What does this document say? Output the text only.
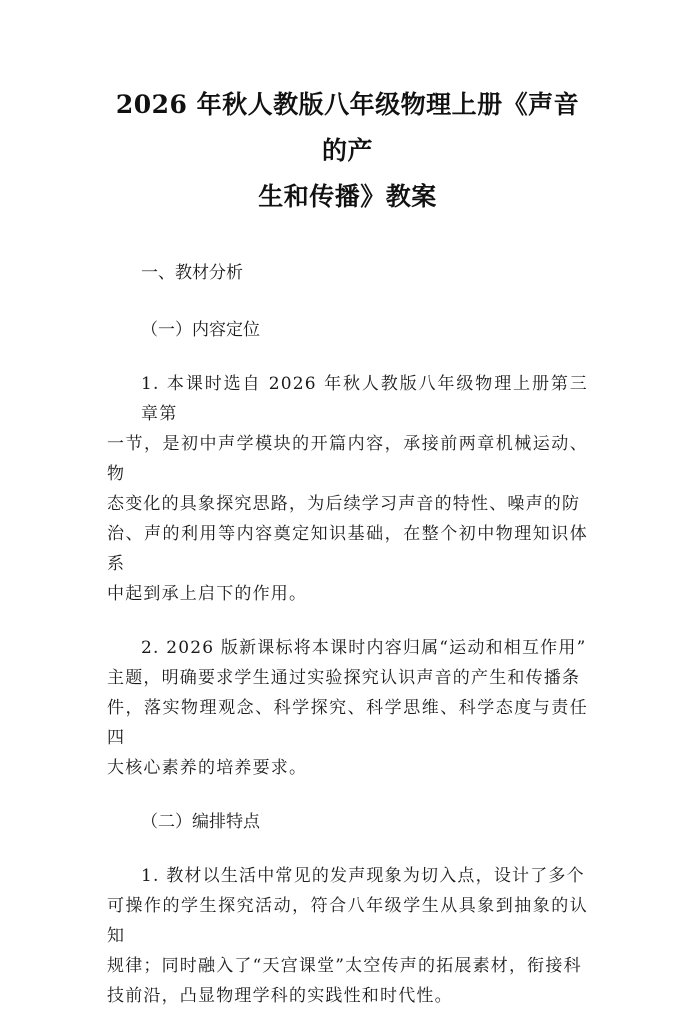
2026 年秋人教版八年级物理上册《声音的产
生和传播》教案

一、教材分析

（一）内容定位

1. 本课时选自 2026 年秋人教版八年级物理上册第三章第
一节，是初中声学模块的开篇内容，承接前两章机械运动、物
态变化的具象探究思路，为后续学习声音的特性、噪声的防
治、声的利用等内容奠定知识基础，在整个初中物理知识体系
中起到承上启下的作用。
2. 2026 版新课标将本课时内容归属“运动和相互作用”
主题，明确要求学生通过实验探究认识声音的产生和传播条
件，落实物理观念、科学探究、科学思维、科学态度与责任四
大核心素养的培养要求。

（二）编排特点

1. 教材以生活中常见的发声现象为切入点，设计了多个
可操作的学生探究活动，符合八年级学生从具象到抽象的认知
规律；同时融入了“天宫课堂”太空传声的拓展素材，衔接科
技前沿，凸显物理学科的实践性和时代性。
